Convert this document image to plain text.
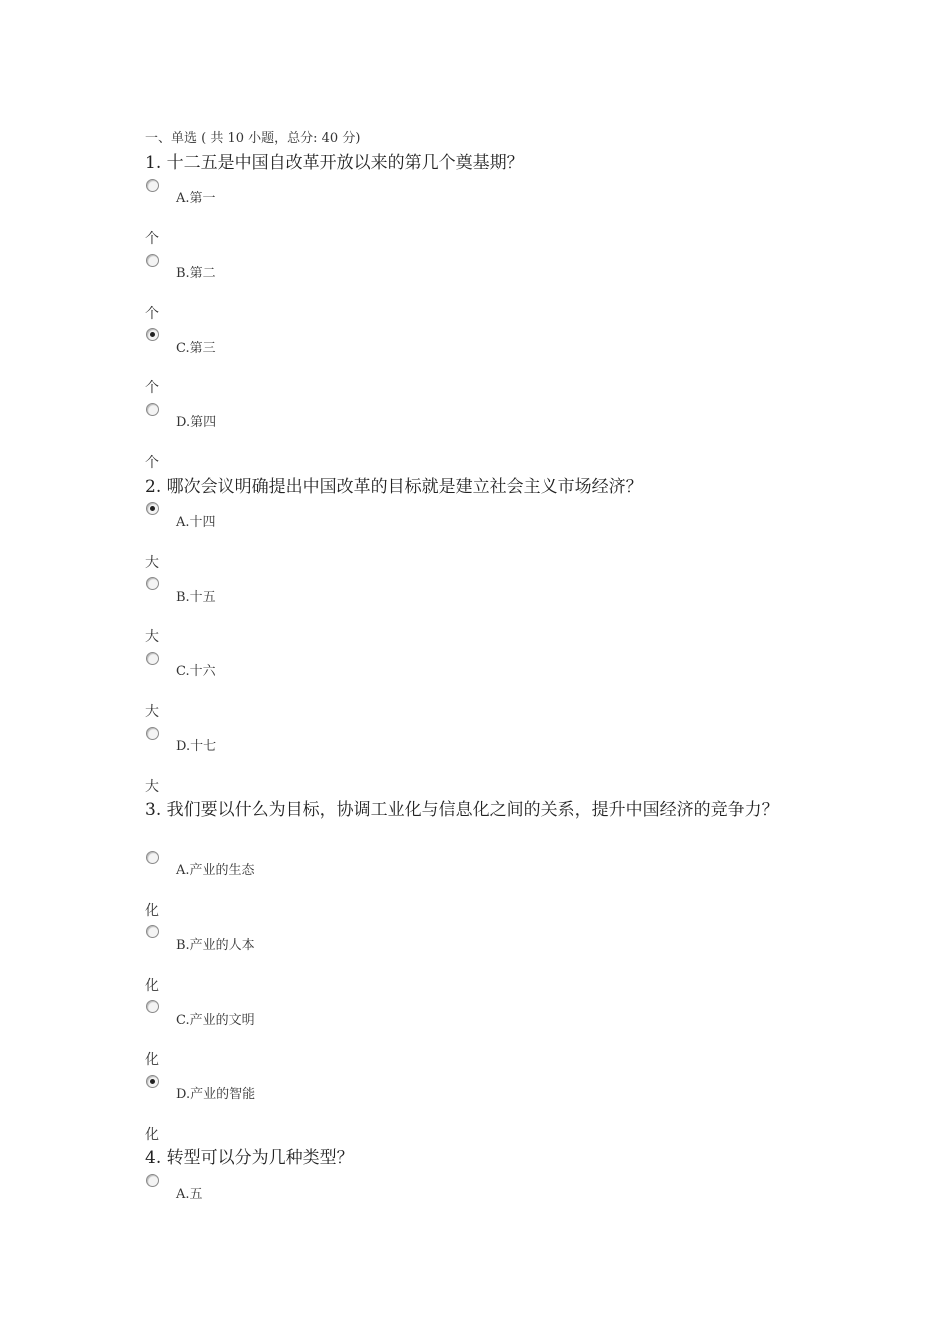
一、单选 ( 共 10 小题，总分: 40 分)
1. 十二五是中国自改革开放以来的第几个奠基期？
A.第一
个
B.第二
个
C.第三
个
D.第四
个
2. 哪次会议明确提出中国改革的目标就是建立社会主义市场经济？
A.十四
大
B.十五
大
C.十六
大
D.十七
大
3. 我们要以什么为目标，协调工业化与信息化之间的关系，提升中国经济的竞争力？
A.产业的生态
化
B.产业的人本
化
C.产业的文明
化
D.产业的智能
化
4. 转型可以分为几种类型？
A.五
